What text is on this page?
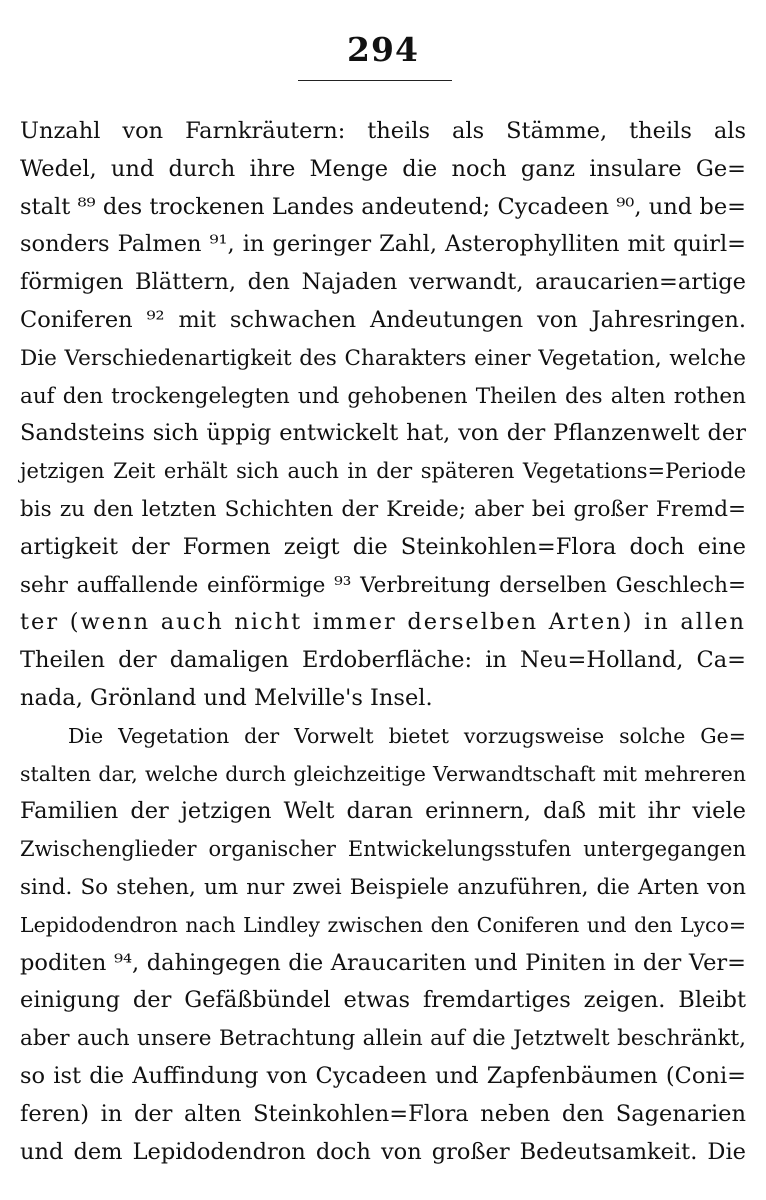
294
Unzahl von Farnkräutern: theils als Stämme, theils als
Wedel, und durch ihre Menge die noch ganz insulare Ge=
stalt ⁸⁹ des trockenen Landes andeutend; Cycadeen ⁹⁰, und be=
sonders Palmen ⁹¹, in geringer Zahl, Asterophylliten mit quirl=
förmigen Blättern, den Najaden verwandt, araucarien=artige
Coniferen ⁹² mit schwachen Andeutungen von Jahresringen.
Die Verschiedenartigkeit des Charakters einer Vegetation, welche
auf den trockengelegten und gehobenen Theilen des alten rothen
Sandsteins sich üppig entwickelt hat, von der Pflanzenwelt der
jetzigen Zeit erhält sich auch in der späteren Vegetations=Periode
bis zu den letzten Schichten der Kreide; aber bei großer Fremd=
artigkeit der Formen zeigt die Steinkohlen=Flora doch eine
sehr auffallende einförmige ⁹³ Verbreitung derselben Geschlech=
ter (wenn auch nicht immer derselben Arten) in allen
Theilen der damaligen Erdoberfläche: in Neu=Holland, Ca=
nada, Grönland und Melville's Insel.
Die Vegetation der Vorwelt bietet vorzugsweise solche Ge=
stalten dar, welche durch gleichzeitige Verwandtschaft mit mehreren
Familien der jetzigen Welt daran erinnern, daß mit ihr viele
Zwischenglieder organischer Entwickelungsstufen untergegangen
sind. So stehen, um nur zwei Beispiele anzuführen, die Arten von
Lepidodendron nach Lindley zwischen den Coniferen und den Lyco=
poditen ⁹⁴, dahingegen die Araucariten und Piniten in der Ver=
einigung der Gefäßbündel etwas fremdartiges zeigen. Bleibt
aber auch unsere Betrachtung allein auf die Jetztwelt beschränkt,
so ist die Auffindung von Cycadeen und Zapfenbäumen (Coni=
feren) in der alten Steinkohlen=Flora neben den Sagenarien
und dem Lepidodendron doch von großer Bedeutsamkeit. Die
